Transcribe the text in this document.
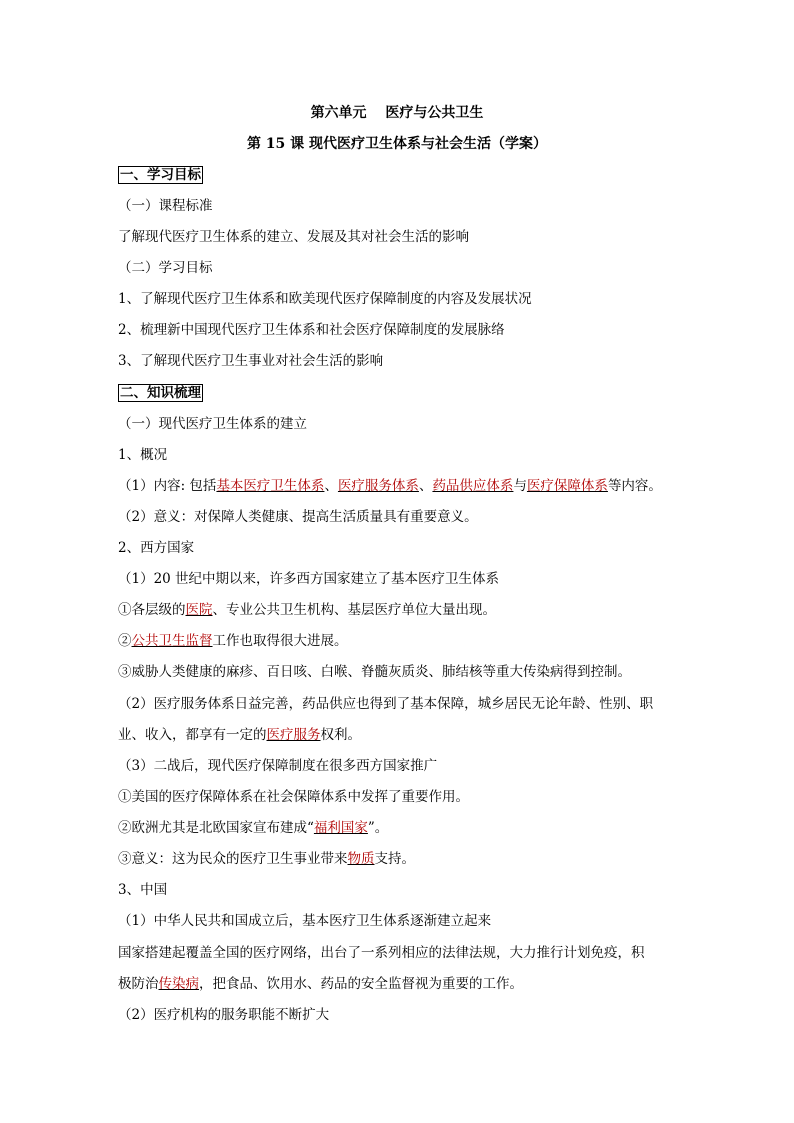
第六单元　 医疗与公共卫生
第 15 课 现代医疗卫生体系与社会生活（学案）
一、学习目标
（一）课程标准
了解现代医疗卫生体系的建立、发展及其对社会生活的影响
（二）学习目标
1、了解现代医疗卫生体系和欧美现代医疗保障制度的内容及发展状况
2、梳理新中国现代医疗卫生体系和社会医疗保障制度的发展脉络
3、了解现代医疗卫生事业对社会生活的影响
二、知识梳理
（一）现代医疗卫生体系的建立
1、概况
（1）内容: 包括基本医疗卫生体系、医疗服务体系、药品供应体系与医疗保障体系等内容。
（2）意义：对保障人类健康、提高生活质量具有重要意义。
2、西方国家
（1）20 世纪中期以来，许多西方国家建立了基本医疗卫生体系
①各层级的医院、专业公共卫生机构、基层医疗单位大量出现。
②公共卫生监督工作也取得很大进展。
③威胁人类健康的麻疹、百日咳、白喉、脊髓灰质炎、肺结核等重大传染病得到控制。
（2）医疗服务体系日益完善，药品供应也得到了基本保障，城乡居民无论年龄、性别、职
业、收入，都享有一定的医疗服务权利。
（3）二战后，现代医疗保障制度在很多西方国家推广
①美国的医疗保障体系在社会保障体系中发挥了重要作用。
②欧洲尤其是北欧国家宣布建成“福利国家”。
③意义：这为民众的医疗卫生事业带来物质支持。
3、中国
（1）中华人民共和国成立后，基本医疗卫生体系逐渐建立起来
国家搭建起覆盖全国的医疗网络，出台了一系列相应的法律法规，大力推行计划免疫，积
极防治传染病，把食品、饮用水、药品的安全监督视为重要的工作。
（2）医疗机构的服务职能不断扩大
